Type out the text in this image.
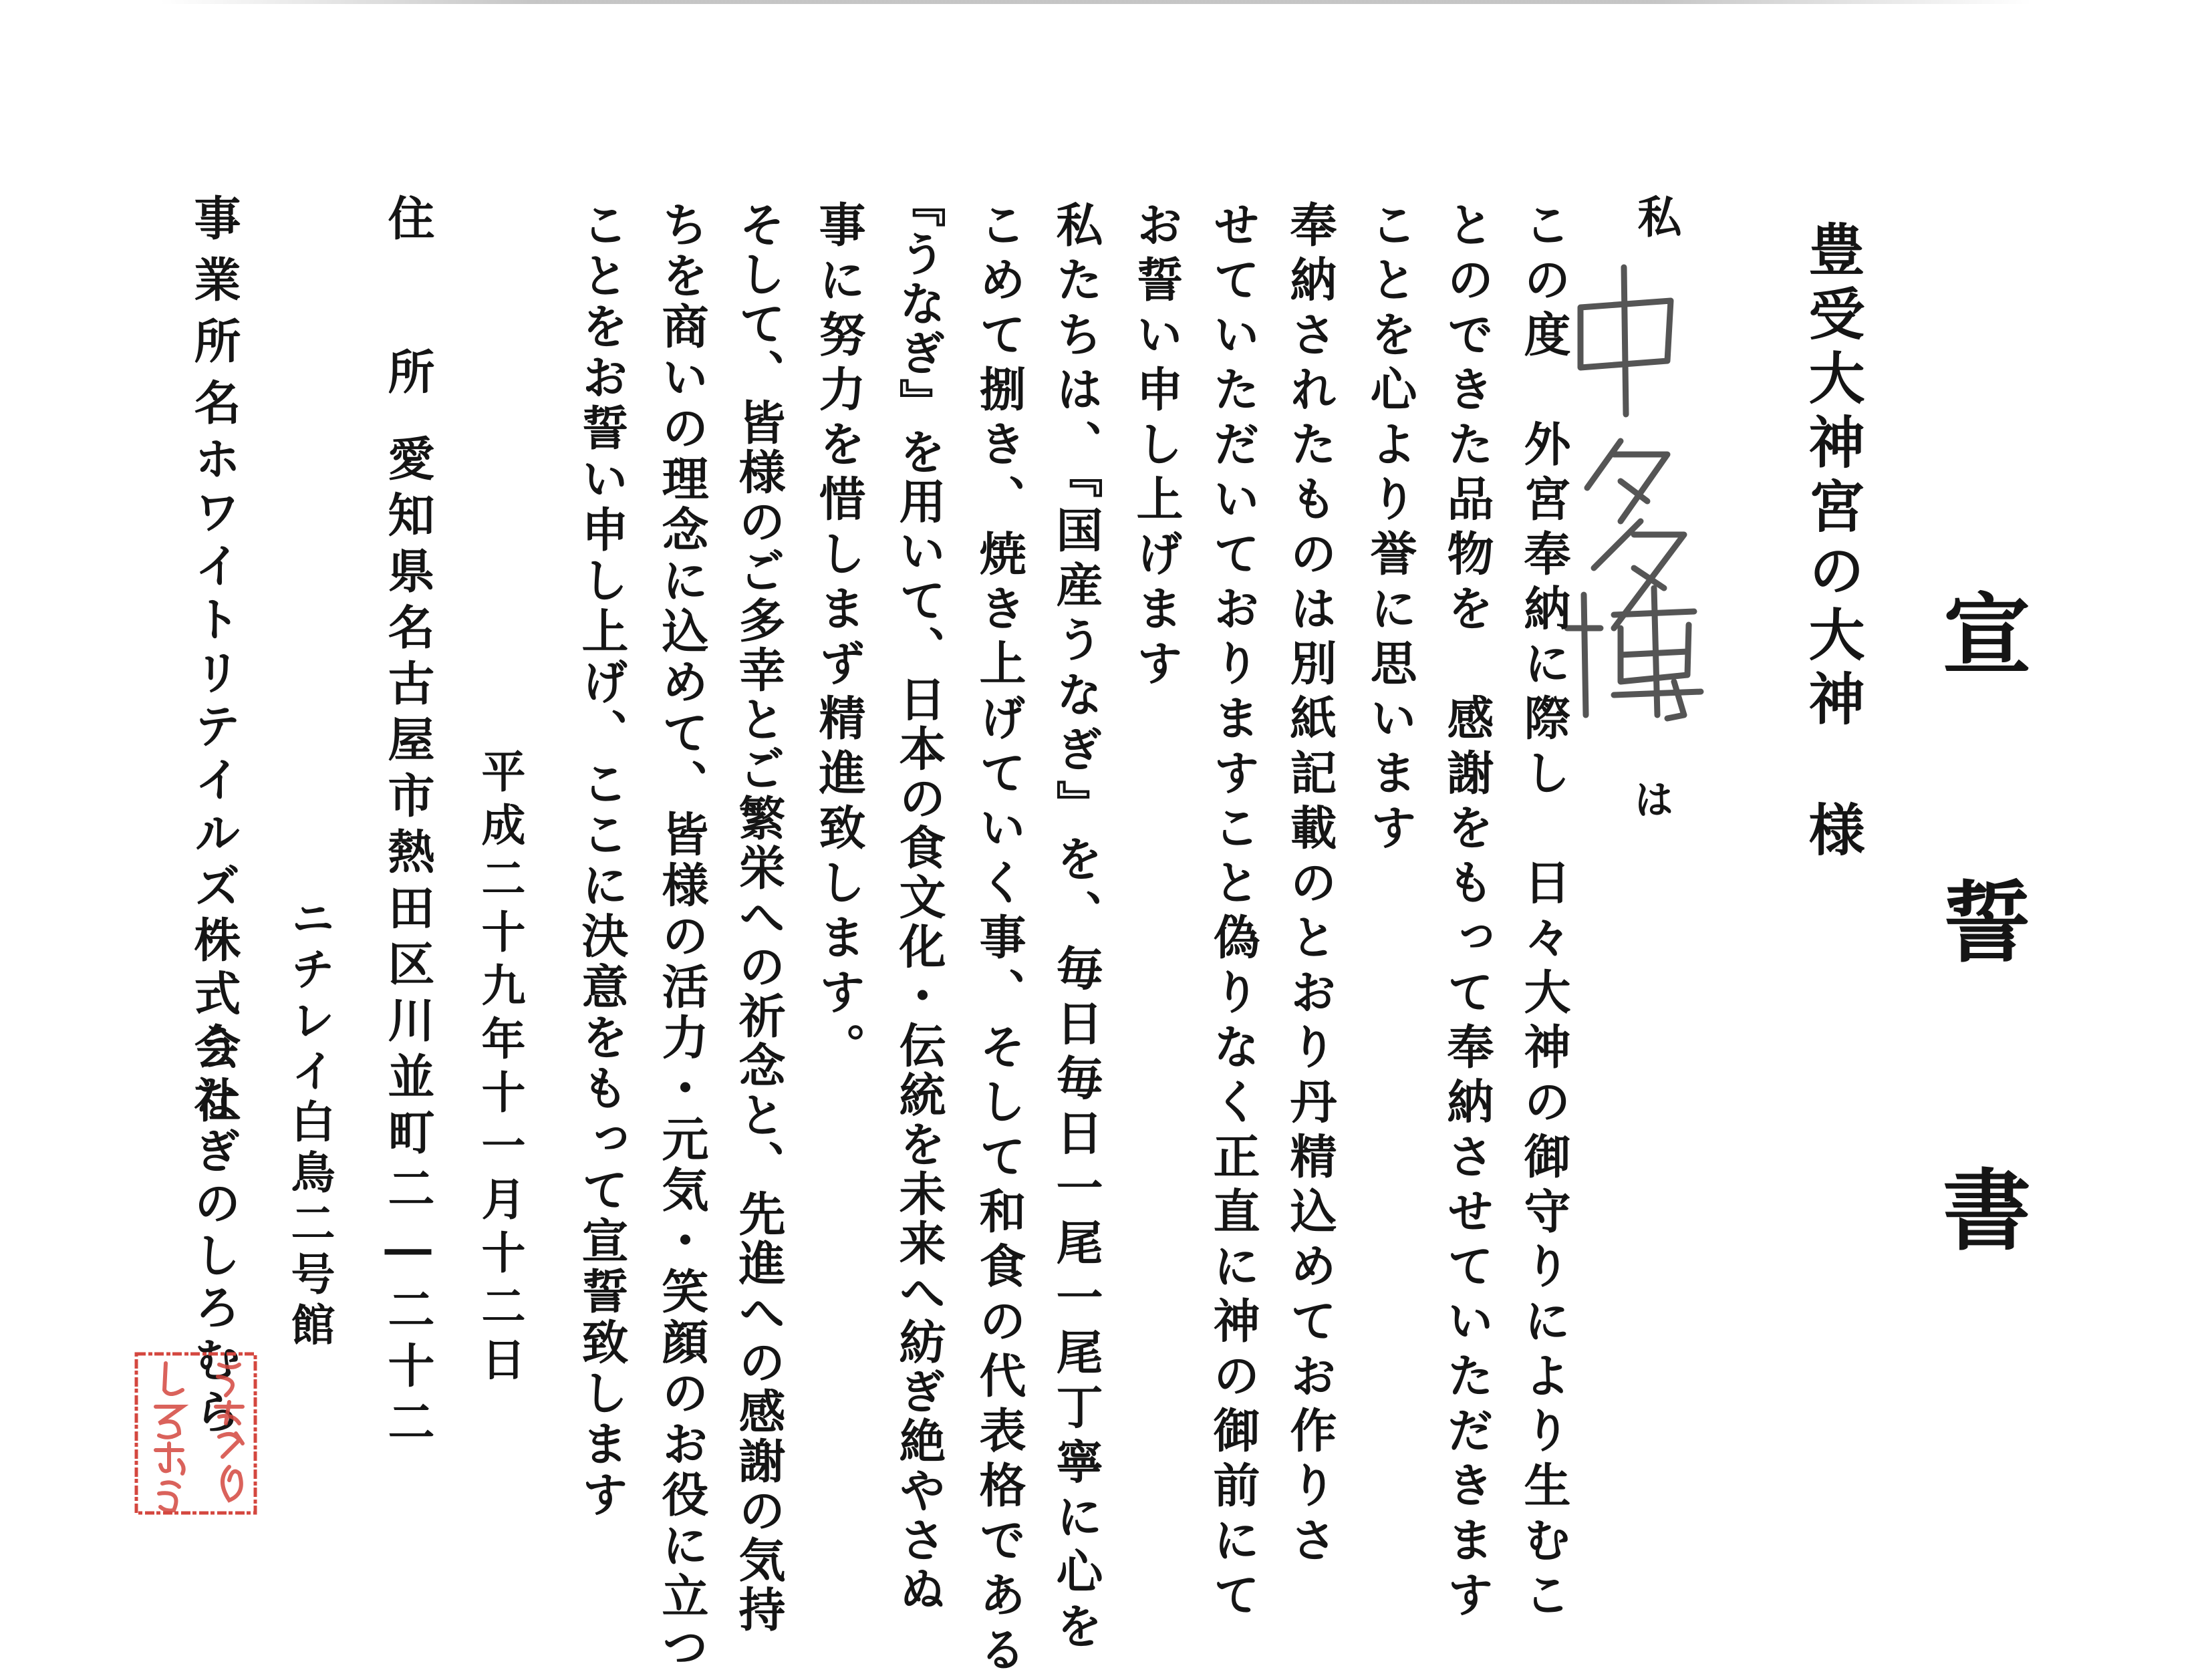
宣 誓 書
豊受大神宮の大神様
私
は
この度　外宮奉納に際し　日々大神の御守りにより生むこ
とのできた品物を　感謝をもって奉納させていただきます
ことを心より誉に思います
奉納されたものは別紙記載のとおり丹精込めてお作りさ
せていただいておりますこと偽りなく正直に神の御前にて
お誓い申し上げます
私たちは、『国産うなぎ』を、毎日毎日一尾一尾丁寧に心を
こめて捌き、焼き上げていく事、そして和食の代表格である
『うなぎ』を用いて、日本の食文化・伝統を未来へ紡ぎ絶やさぬ
事に努力を惜しまず精進致します。
そして、皆様のご多幸とご繁栄への祈念と、先進への感謝の気持
ちを商いの理念に込めて、皆様の活力・元気・笑顔のお役に立つ
ことをお誓い申し上げ、ここに決意をもって宣誓致します
平成二十九年十一月十二日
住
所
愛知県名古屋市熱田区川並町二―二十二
ニチレイ白鳥二号館
事業所名
ホワイトリテイルズ株式会社
うなぎのしろむら
